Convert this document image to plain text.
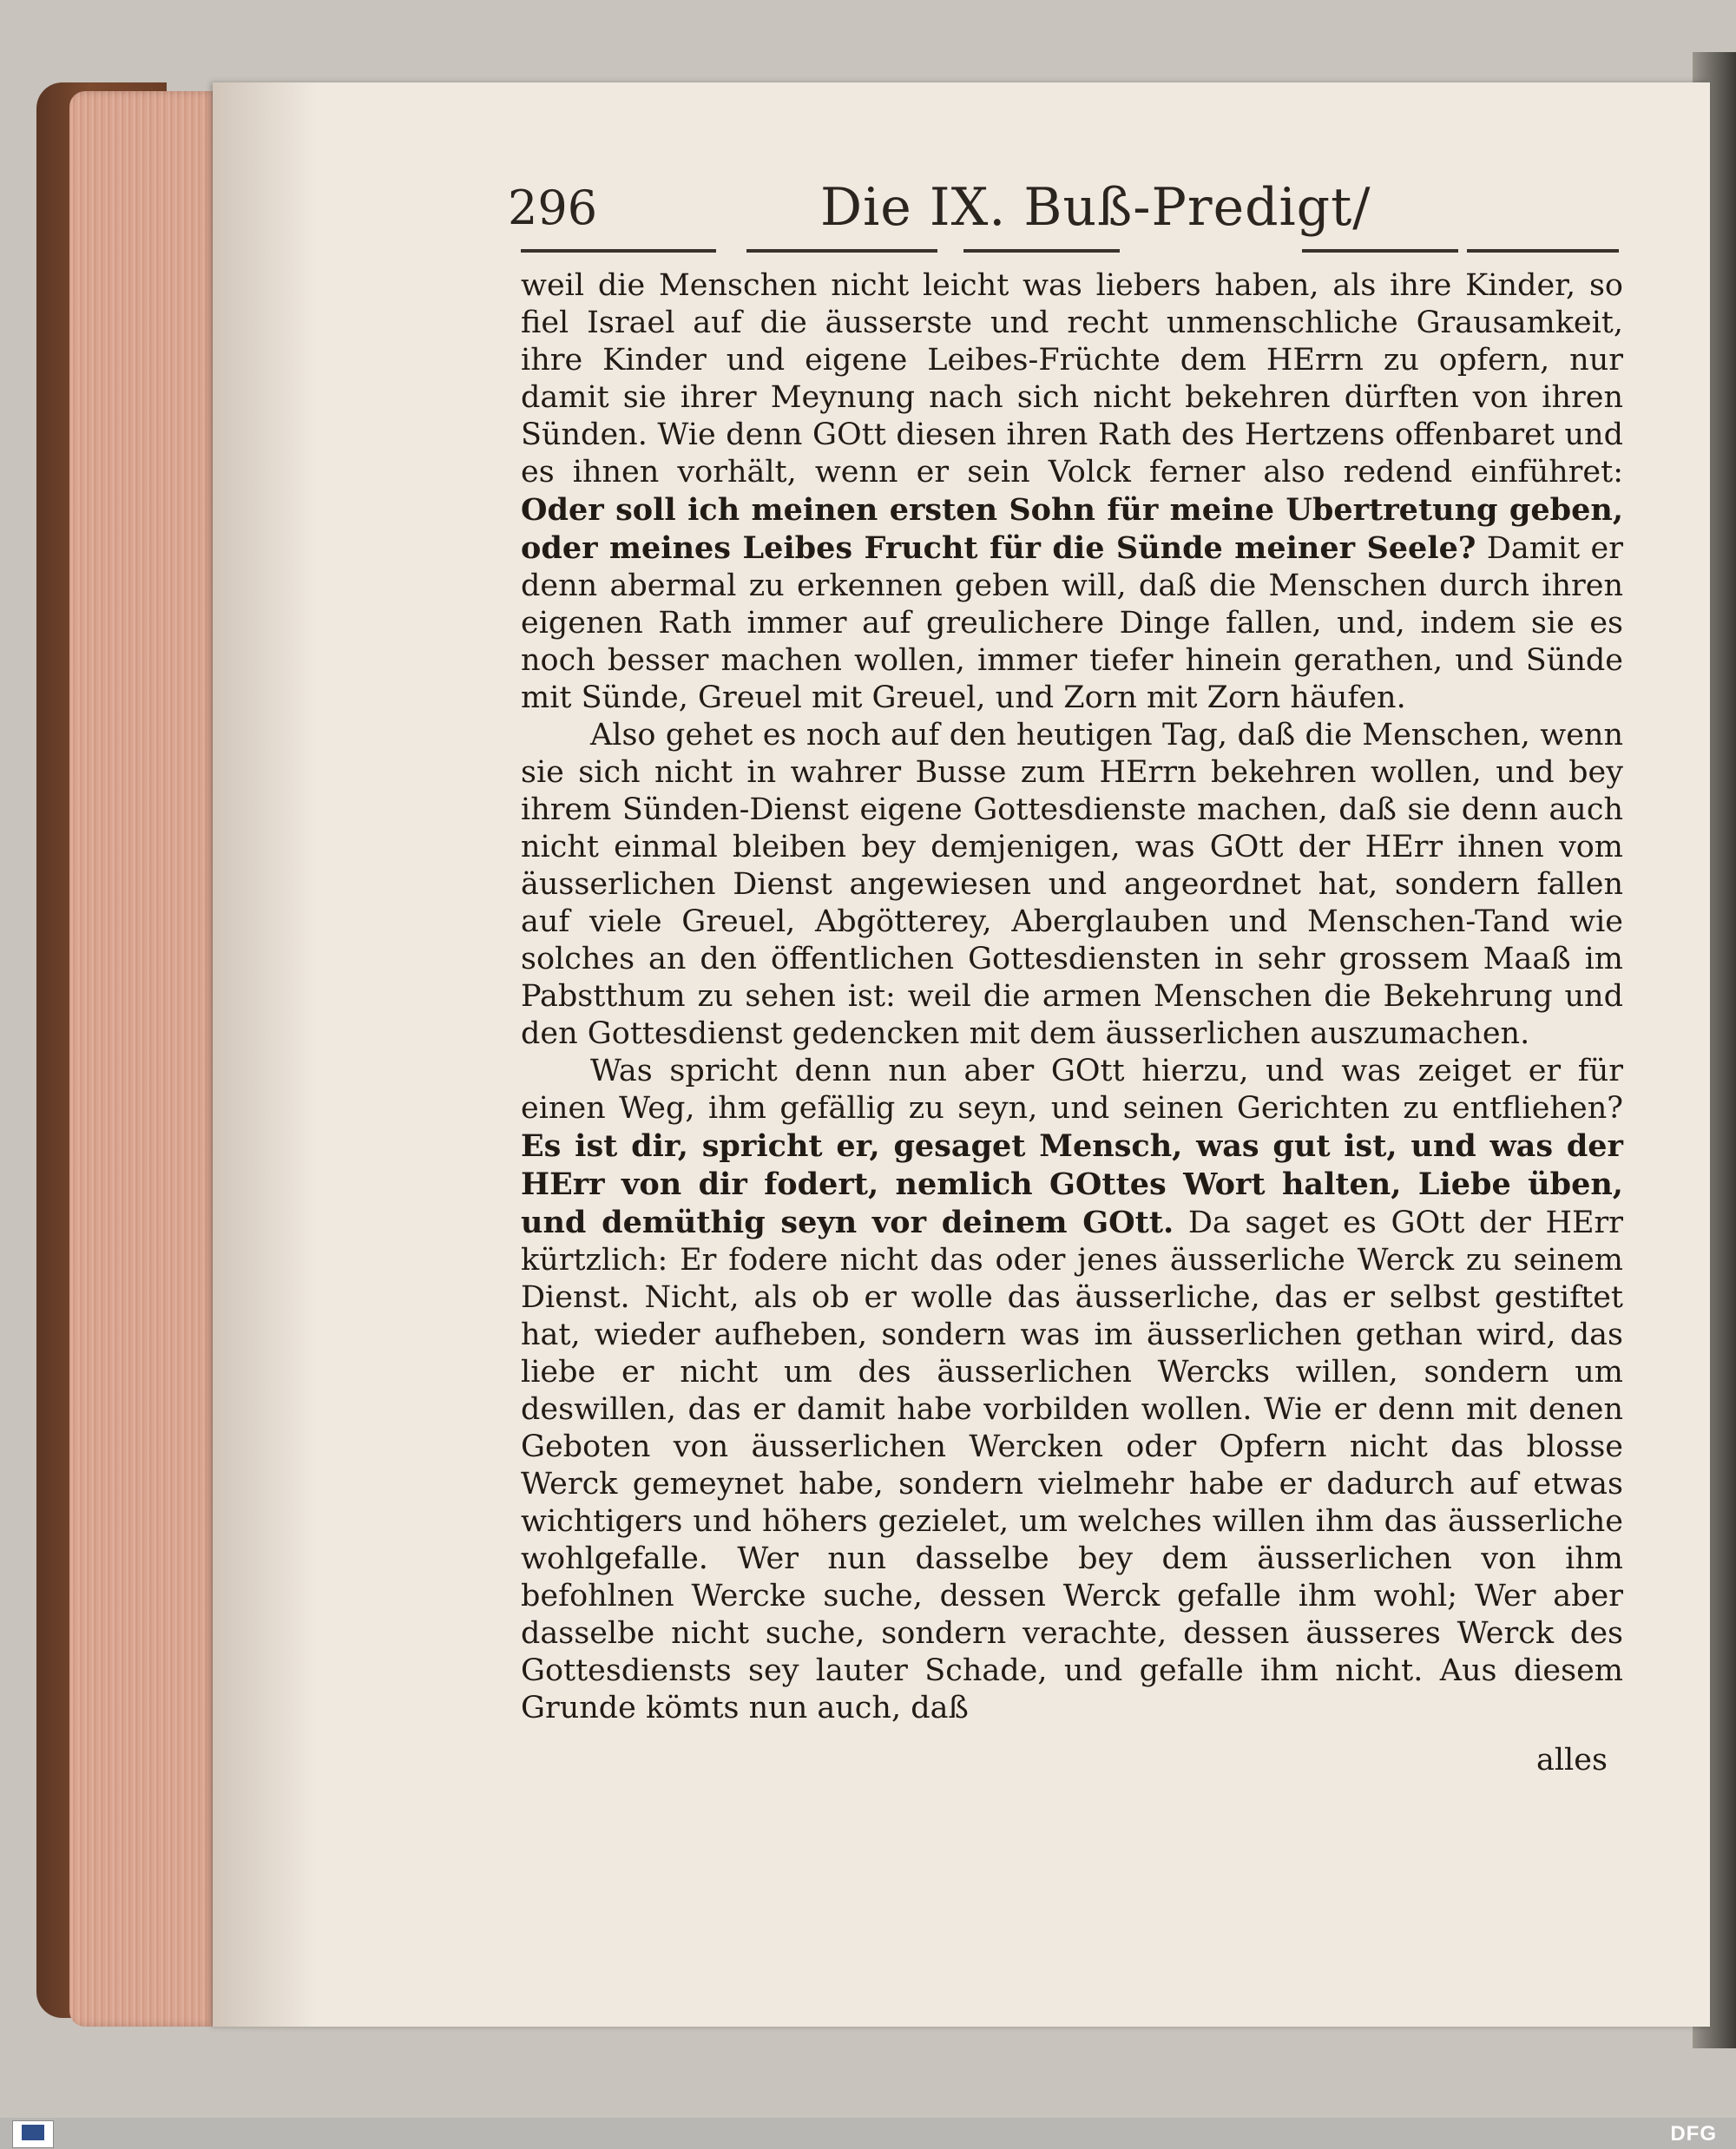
296	Die IX. Buß-Predigt/

weil die Menschen nicht leicht was liebers haben, als ihre Kinder, so fiel Israel auf die äusserste und recht unmenschliche Grausamkeit, ihre Kinder und eigene Leibes-Früchte dem HErrn zu opfern, nur damit sie ihrer Meynung nach sich nicht bekehren dürften von ihren Sünden. Wie denn GOtt diesen ihren Rath des Hertzens offenbaret und es ihnen vorhält, wenn er sein Volck ferner also redend einführet: Oder soll ich meinen ersten Sohn für meine Ubertretung geben, oder meines Leibes Frucht für die Sünde meiner Seele? Damit er denn abermal zu erkennen geben will, daß die Menschen durch ihren eigenen Rath immer auf greulichere Dinge fallen, und, indem sie es noch besser machen wollen, immer tiefer hinein gerathen, und Sünde mit Sünde, Greuel mit Greuel, und Zorn mit Zorn häufen.

Also gehet es noch auf den heutigen Tag, daß die Menschen, wenn sie sich nicht in wahrer Busse zum HErrn bekehren wollen, und bey ihrem Sünden-Dienst eigene Gottesdienste machen, daß sie denn auch nicht einmal bleiben bey demjenigen, was GOtt der HErr ihnen vom äusserlichen Dienst angewiesen und angeordnet hat, sondern fallen auf viele Greuel, Abgötterey, Aberglauben und Menschen-Tand wie solches an den öffentlichen Gottesdiensten in sehr grossem Maaß im Pabstthum zu sehen ist: weil die armen Menschen die Bekehrung und den Gottesdienst gedencken mit dem äusserlichen auszumachen.

Was spricht denn nun aber GOtt hierzu, und was zeiget er für einen Weg, ihm gefällig zu seyn, und seinen Gerichten zu entfliehen? Es ist dir, spricht er, gesaget Mensch, was gut ist, und was der HErr von dir fodert, nemlich GOttes Wort halten, Liebe üben, und demüthig seyn vor deinem GOtt. Da saget es GOtt der HErr kürtzlich: Er fodere nicht das oder jenes äusserliche Werck zu seinem Dienst. Nicht, als ob er wolle das äusserliche, das er selbst gestiftet hat, wieder aufheben, sondern was im äusserlichen gethan wird, das liebe er nicht um des äusserlichen Wercks willen, sondern um deswillen, das er damit habe vorbilden wollen. Wie er denn mit denen Geboten von äusserlichen Wercken oder Opfern nicht das blosse Werck gemeynet habe, sondern vielmehr habe er dadurch auf etwas wichtigers und höhers gezielet, um welches willen ihm das äusserliche wohlgefalle. Wer nun dasselbe bey dem äusserlichen von ihm befohlnen Wercke suche, dessen Werck gefalle ihm wohl; Wer aber dasselbe nicht suche, sondern verachte, dessen äusseres Werck des Gottesdiensts sey lauter Schade, und gefalle ihm nicht. Aus diesem Grunde kömts nun auch, daß

alles
DFG
